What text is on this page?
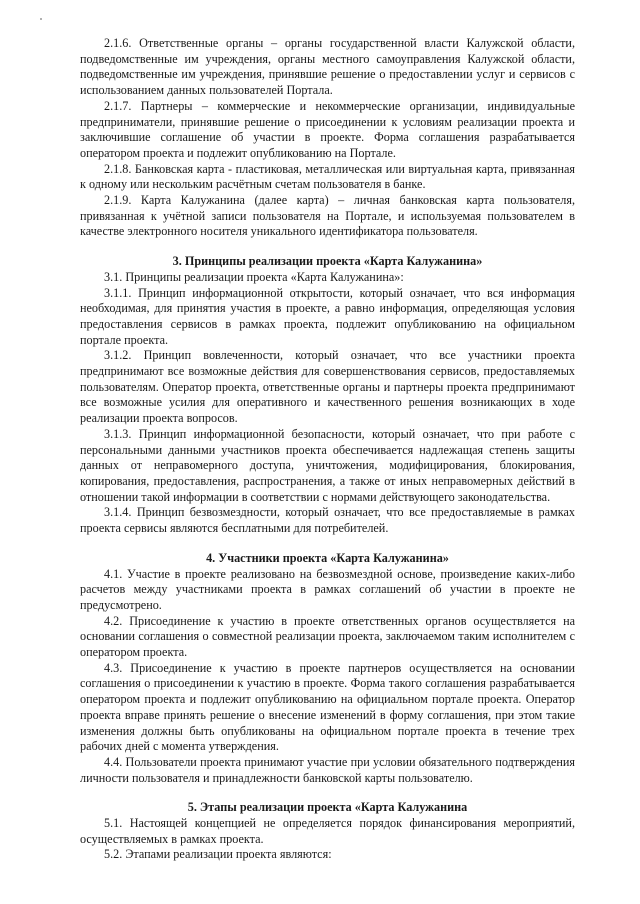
2.1.6. Ответственные органы – органы государственной власти Калужской области, подведомственные им учреждения, органы местного самоуправления Калужской области, подведомственные им учреждения, принявшие решение о предоставлении услуг и сервисов с использованием данных пользователей Портала.

2.1.7. Партнеры – коммерческие и некоммерческие организации, индивидуальные предприниматели, принявшие решение о присоединении к условиям реализации проекта и заключившие соглашение об участии в проекте. Форма соглашения разрабатывается оператором проекта и подлежит опубликованию на Портале.

2.1.8. Банковская карта - пластиковая, металлическая или виртуальная карта, привязанная к одному или нескольким расчётным счетам пользователя в банке.

2.1.9. Карта Калужанина (далее карта) – личная банковская карта пользователя, привязанная к учётной записи пользователя на Портале, и используемая пользователем в качестве электронного носителя уникального идентификатора пользователя.

3. Принципы реализации проекта «Карта Калужанина»

3.1. Принципы реализации проекта «Карта Калужанина»:

3.1.1. Принцип информационной открытости, который означает, что вся информация необходимая, для принятия участия в проекте, а равно информация, определяющая условия предоставления сервисов в рамках проекта, подлежит опубликованию на официальном портале проекта.

3.1.2. Принцип вовлеченности, который означает, что все участники проекта предпринимают все возможные действия для совершенствования сервисов, предоставляемых пользователям. Оператор проекта, ответственные органы и партнеры проекта предпринимают все возможные усилия для оперативного и качественного решения возникающих в ходе реализации проекта вопросов.

3.1.3. Принцип информационной безопасности, который означает, что при работе с персональными данными участников проекта обеспечивается надлежащая степень защиты данных от неправомерного доступа, уничтожения, модифицирования, блокирования, копирования, предоставления, распространения, а также от иных неправомерных действий в отношении такой информации в соответствии с нормами действующего законодательства.

3.1.4. Принцип безвозмездности, который означает, что все предоставляемые в рамках проекта сервисы являются бесплатными для потребителей.

4. Участники проекта «Карта Калужанина»

4.1. Участие в проекте реализовано на безвозмездной основе, произведение каких-либо расчетов между участниками проекта в рамках соглашений об участии в проекте не предусмотрено.

4.2. Присоединение к участию в проекте ответственных органов осуществляется на основании соглашения о совместной реализации проекта, заключаемом таким исполнителем с оператором проекта.

4.3. Присоединение к участию в проекте партнеров осуществляется на основании соглашения о присоединении к участию в проекте. Форма такого соглашения разрабатывается оператором проекта и подлежит опубликованию на официальном портале проекта. Оператор проекта вправе принять решение о внесение изменений в форму соглашения, при этом такие изменения должны быть опубликованы на официальном портале проекта в течение трех рабочих дней с момента утверждения.

4.4. Пользователи проекта принимают участие при условии обязательного подтверждения личности пользователя и принадлежности банковской карты пользователю.

5. Этапы реализации проекта «Карта Калужанина

5.1. Настоящей концепцией не определяется порядок финансирования мероприятий, осуществляемых в рамках проекта.

5.2. Этапами реализации проекта являются:
